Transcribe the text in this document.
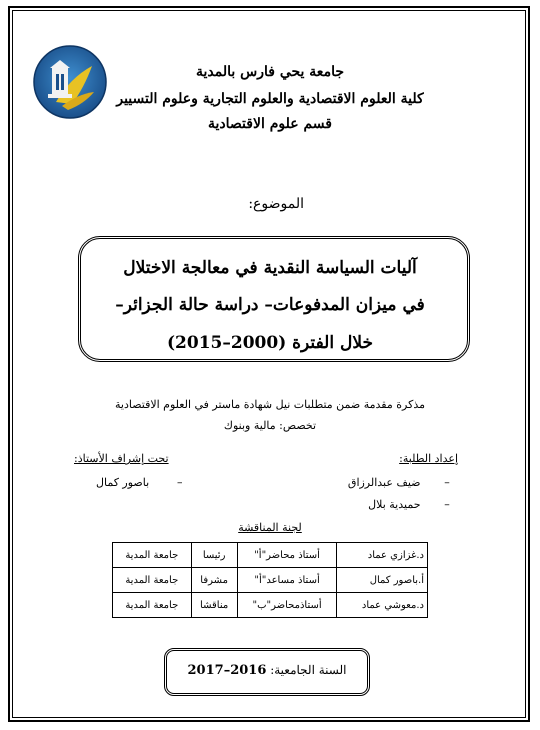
جامعة يحي فارس بالمدية
كلية العلوم الاقتصادية والعلوم التجارية وعلوم التسيير
قسم علوم الاقتصادية
الموضوع:
آليات السياسة النقدية في معالجة الاختلال
في ميزان المدفوعات– دراسة حالة الجزائر–
خلال الفترة (2000–2015)
مذكرة مقدمة ضمن متطلبات نيل شهادة ماستر في العلوم الاقتصادية
تخصص: مالية وبنوك
إعداد الطلبة:
تحت إشراف الأستاذ:
– ضيف عبدالرزاق
– حميدية بلال
– باصور كمال
لجنة المناقشة
د.غزازي عماد	أستاذ محاضر"أ"	رئيسا	جامعة المدية
أ.باصور كمال	أستاذ مساعد"أ"	مشرفا	جامعة المدية
د.معوشي عماد	أستاذمحاضر"ب"	مناقشا	جامعة المدية
السنة الجامعية: 2016–2017
